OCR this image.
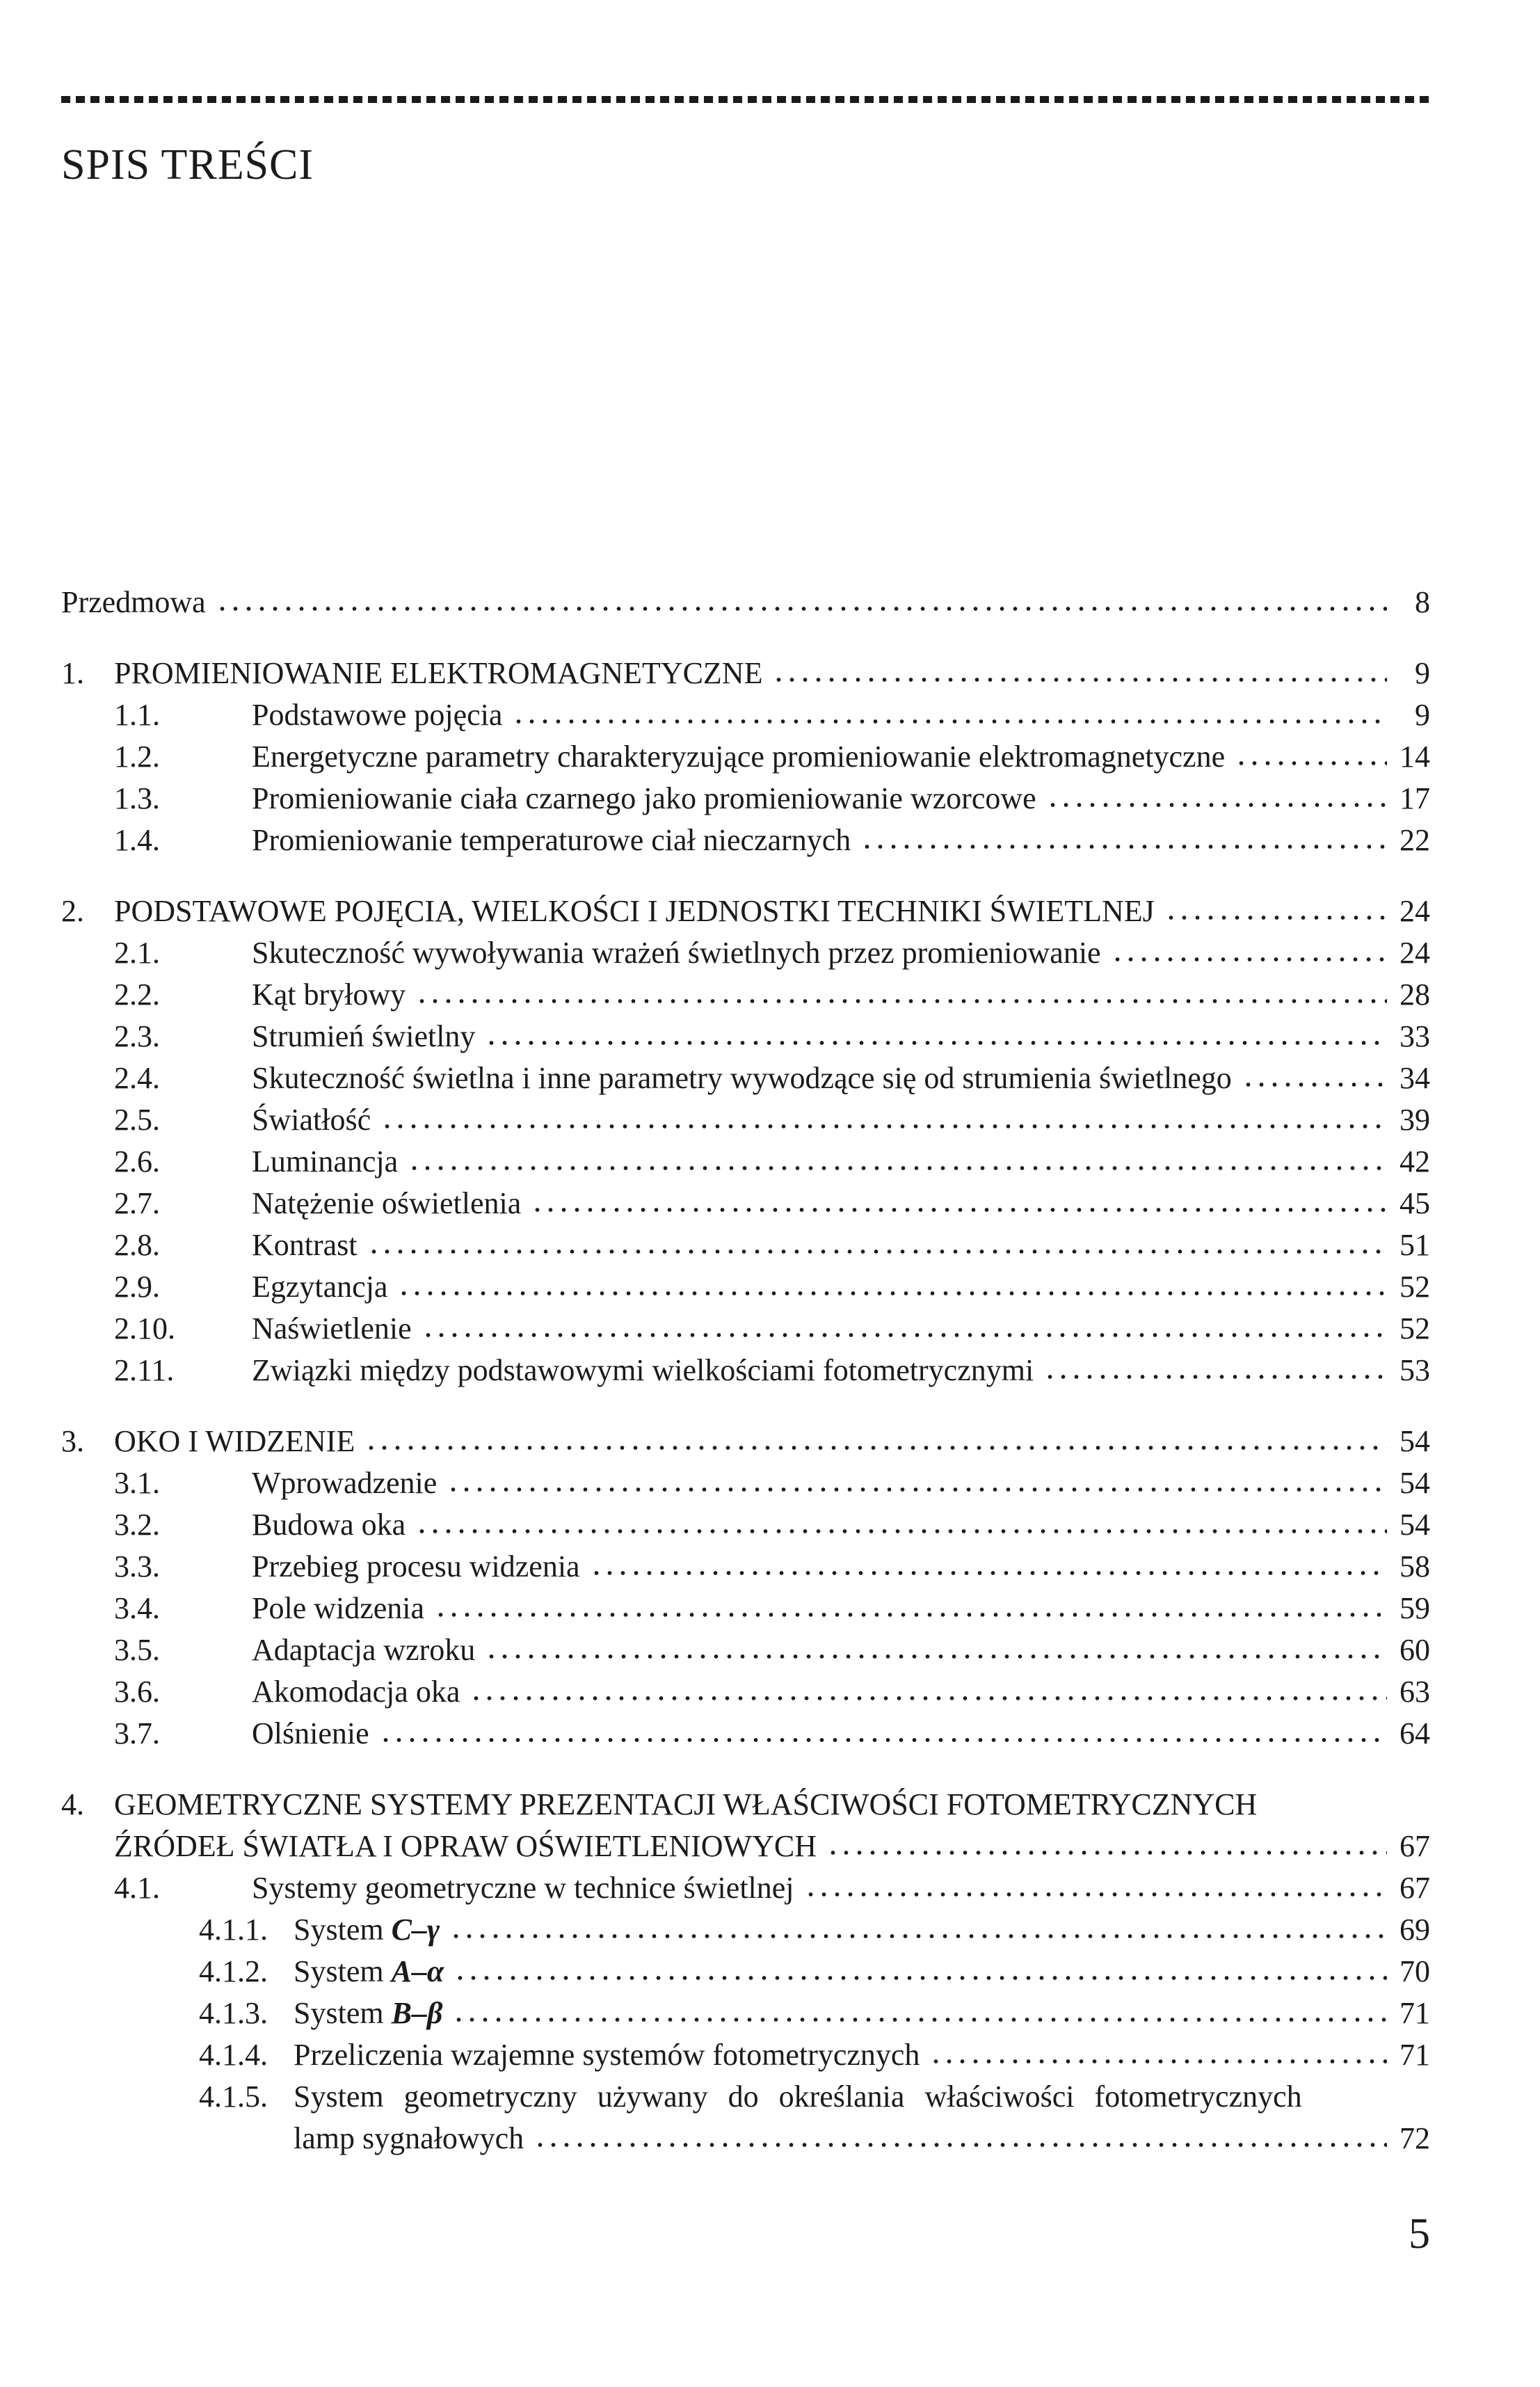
SPIS TREŚCI
Przedmowa	8
1. PROMIENIOWANIE ELEKTROMAGNETYCZNE	9
1.1.	Podstawowe pojęcia	9
1.2.	Energetyczne parametry charakteryzujące promieniowanie elektromagnetyczne	14
1.3.	Promieniowanie ciała czarnego jako promieniowanie wzorcowe	17
1.4.	Promieniowanie temperaturowe ciał nieczarnych	22
2. PODSTAWOWE POJĘCIA, WIELKOŚCI I JEDNOSTKI TECHNIKI ŚWIETLNEJ	24
2.1.	Skuteczność wywoływania wrażeń świetlnych przez promieniowanie	24
2.2.	Kąt bryłowy	28
2.3.	Strumień świetlny	33
2.4.	Skuteczność świetlna i inne parametry wywodzące się od strumienia świetlnego	34
2.5.	Światłość	39
2.6.	Luminancja	42
2.7.	Natężenie oświetlenia	45
2.8.	Kontrast	51
2.9.	Egzytancja	52
2.10.	Naświetlenie	52
2.11.	Związki między podstawowymi wielkościami fotometrycznymi	53
3. OKO I WIDZENIE	54
3.1.	Wprowadzenie	54
3.2.	Budowa oka	54
3.3.	Przebieg procesu widzenia	58
3.4.	Pole widzenia	59
3.5.	Adaptacja wzroku	60
3.6.	Akomodacja oka	63
3.7.	Olśnienie	64
4. GEOMETRYCZNE SYSTEMY PREZENTACJI WŁAŚCIWOŚCI FOTOMETRYCZNYCH
ŹRÓDEŁ ŚWIATŁA I OPRAW OŚWIETLENIOWYCH	67
4.1.	Systemy geometryczne w technice świetlnej	67
4.1.1. System C–γ	69
4.1.2. System A–α	70
4.1.3. System B–β	71
4.1.4. Przeliczenia wzajemne systemów fotometrycznych	71
4.1.5. System geometryczny używany do określania właściwości fotometrycznych
lamp sygnałowych	72
5
